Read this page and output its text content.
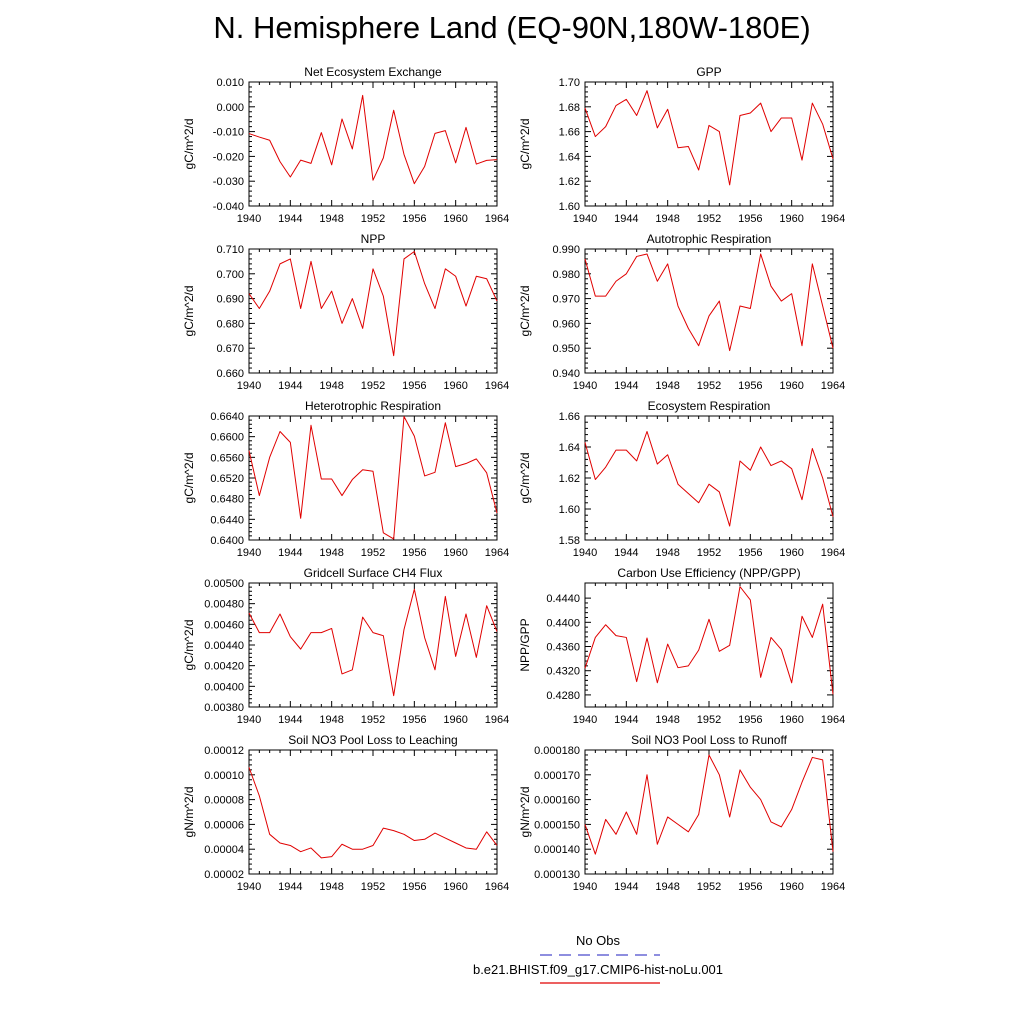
N. Hemisphere Land (EQ-90N,180W-180E)
Net Ecosystem Exchange
gC/m^2/d
1940 1944 1948 1952 1956 1960 1964
-0.040
-0.030
-0.020
-0.010
0.000
0.010
GPP
gC/m^2/d
1940 1944 1948 1952 1956 1960 1964
1.60
1.62
1.64
1.66
1.68
1.70
NPP
gC/m^2/d
1940 1944 1948 1952 1956 1960 1964
0.660
0.670
0.680
0.690
0.700
0.710
Autotrophic Respiration
gC/m^2/d
1940 1944 1948 1952 1956 1960 1964
0.940
0.950
0.960
0.970
0.980
0.990
Heterotrophic Respiration
gC/m^2/d
1940 1944 1948 1952 1956 1960 1964
0.6400
0.6440
0.6480
0.6520
0.6560
0.6600
0.6640
Ecosystem Respiration
gC/m^2/d
1940 1944 1948 1952 1956 1960 1964
1.58
1.60
1.62
1.64
1.66
Gridcell Surface CH4 Flux
gC/m^2/d
1940 1944 1948 1952 1956 1960 1964
0.00380
0.00400
0.00420
0.00440
0.00460
0.00480
0.00500
Carbon Use Efficiency (NPP/GPP)
NPP/GPP
1940 1944 1948 1952 1956 1960 1964
0.4280
0.4320
0.4360
0.4400
0.4440
Soil NO3 Pool Loss to Leaching
gN/m^2/d
1940 1944 1948 1952 1956 1960 1964
0.00002
0.00004
0.00006
0.00008
0.00010
0.00012
Soil NO3 Pool Loss to Runoff
gN/m^2/d
1940 1944 1948 1952 1956 1960 1964
0.000130
0.000140
0.000150
0.000160
0.000170
0.000180
No Obs
b.e21.BHIST.f09_g17.CMIP6-hist-noLu.001
